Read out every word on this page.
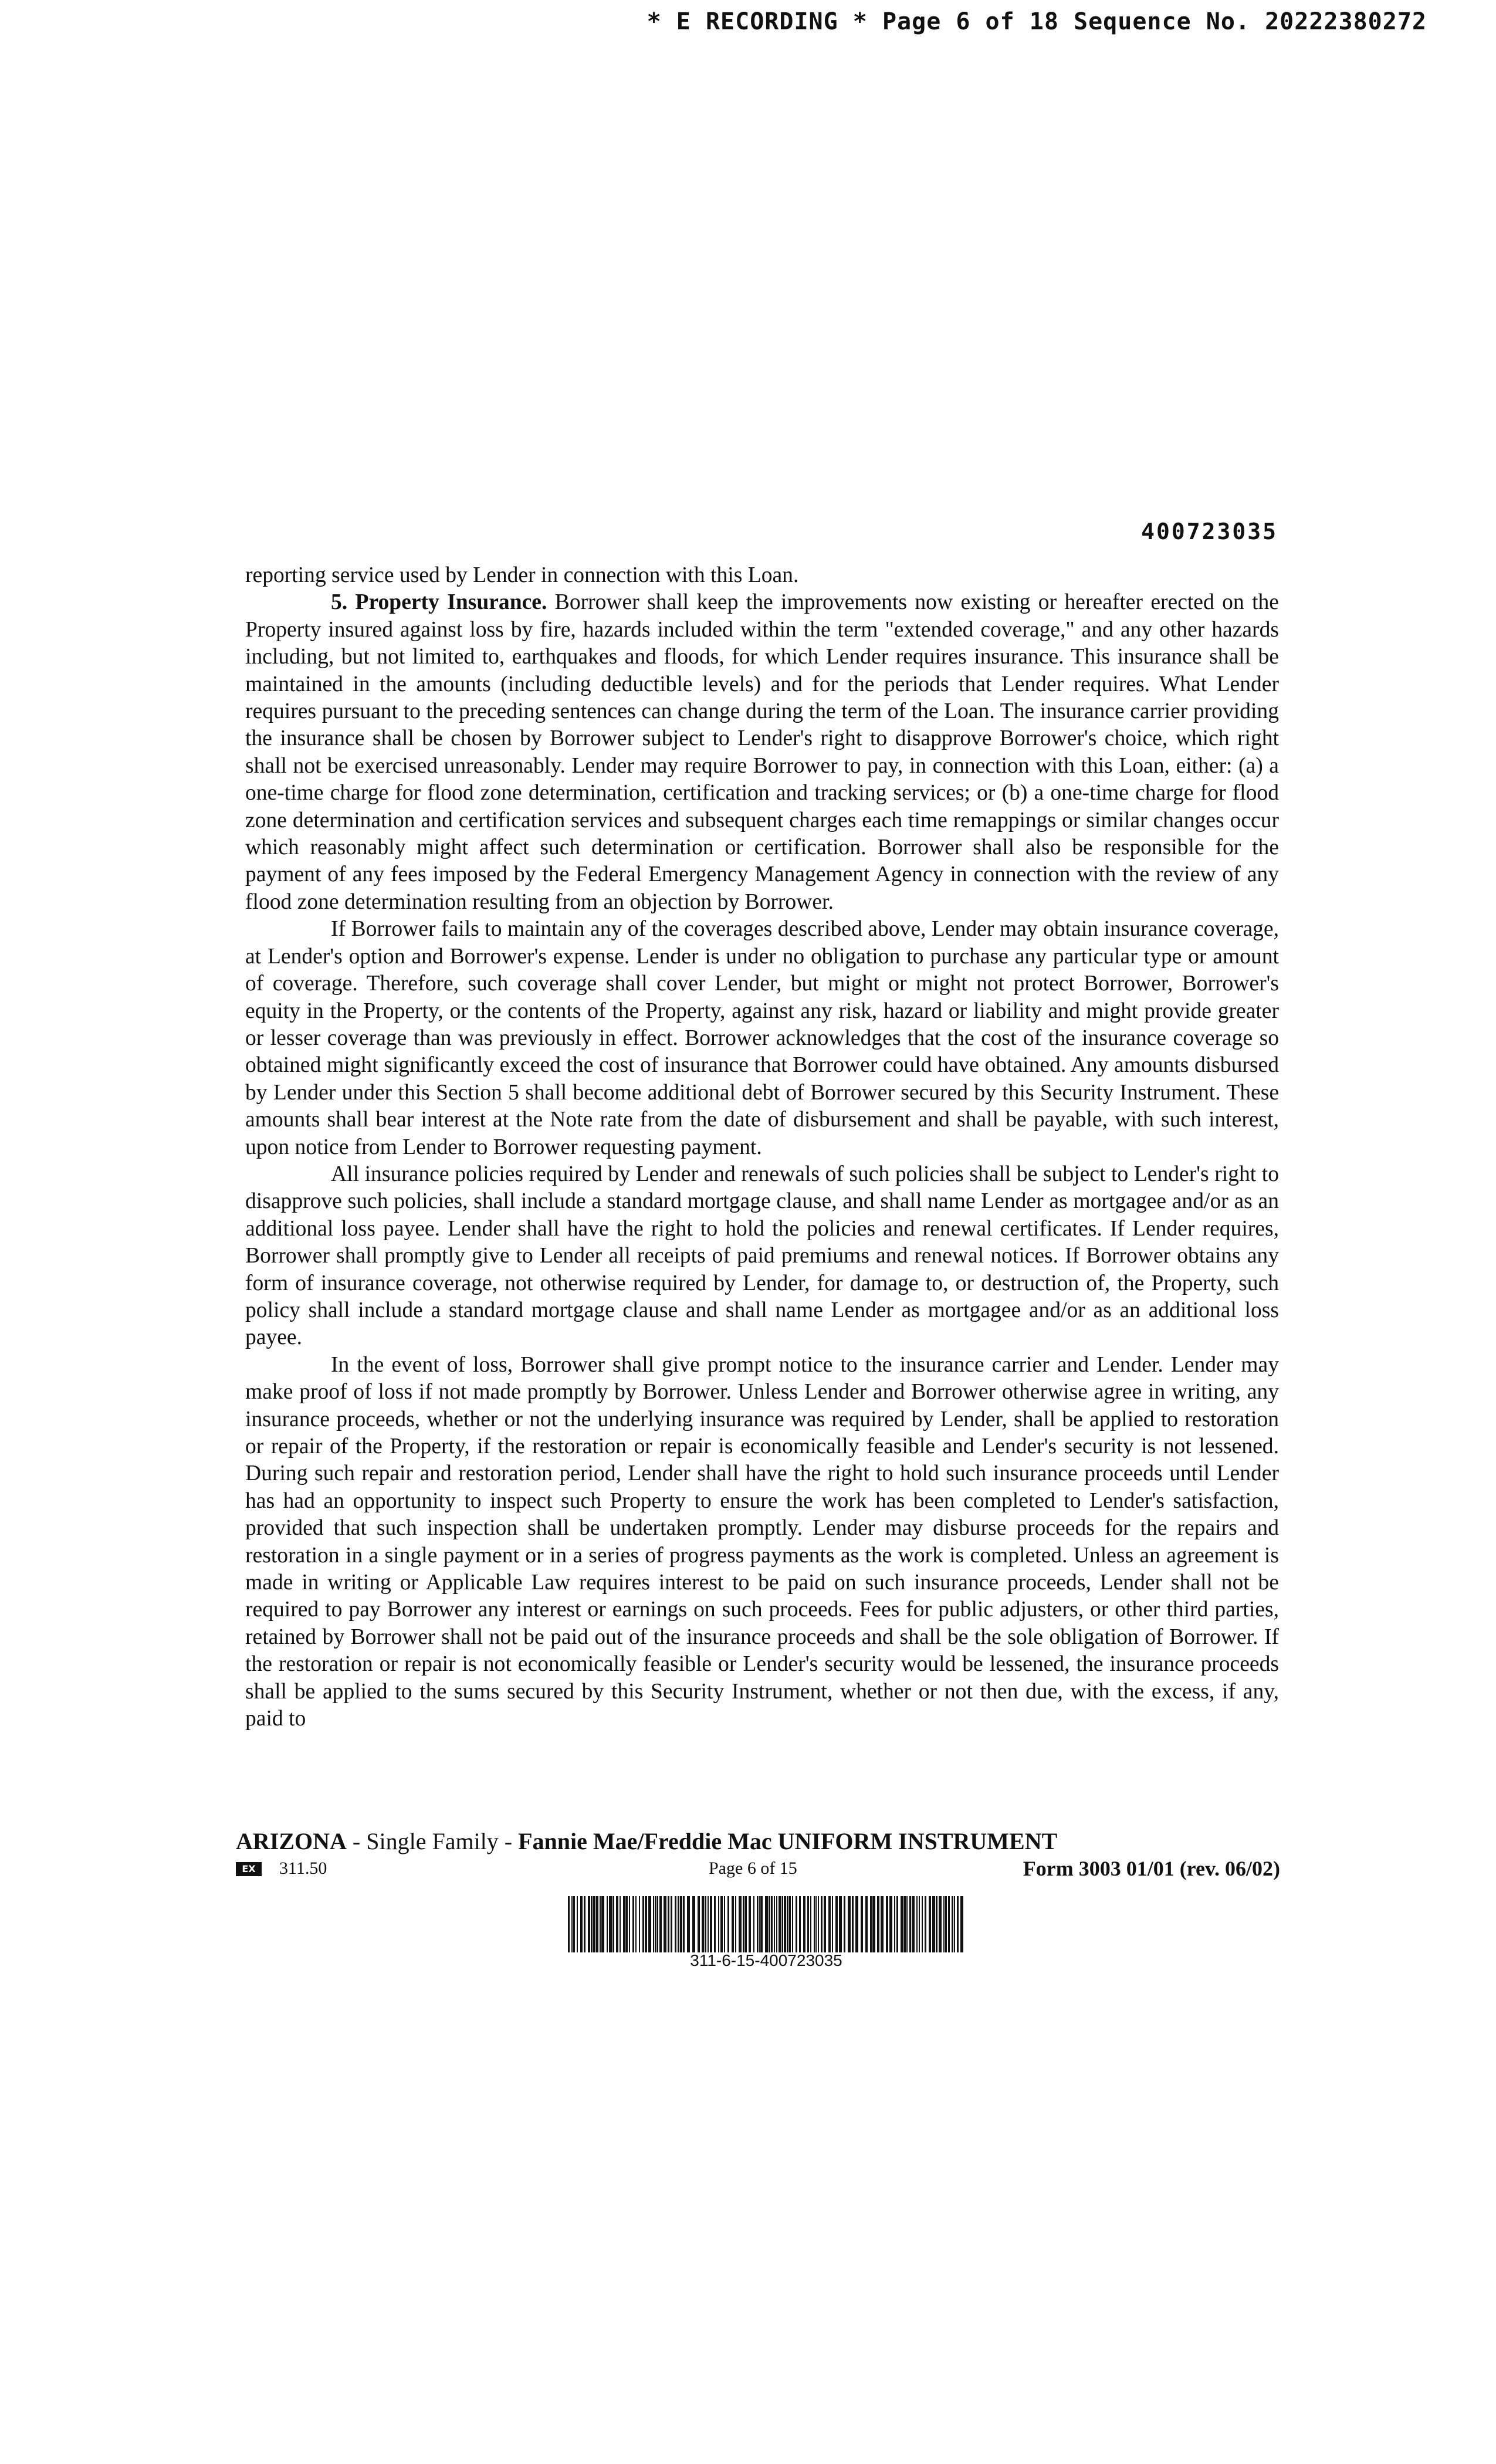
* E RECORDING * Page 6 of 18 Sequence No. 20222380272
400723035

reporting service used by Lender in connection with this Loan.

5. Property Insurance. Borrower shall keep the improvements now existing or hereafter erected on the Property insured against loss by fire, hazards included within the term "extended coverage," and any other hazards including, but not limited to, earthquakes and floods, for which Lender requires insurance. This insurance shall be maintained in the amounts (including deductible levels) and for the periods that Lender requires. What Lender requires pursuant to the preceding sentences can change during the term of the Loan. The insurance carrier providing the insurance shall be chosen by Borrower subject to Lender's right to disapprove Borrower's choice, which right shall not be exercised unreasonably. Lender may require Borrower to pay, in connection with this Loan, either: (a) a one-time charge for flood zone determination, certification and tracking services; or (b) a one-time charge for flood zone determination and certification services and subsequent charges each time remappings or similar changes occur which reasonably might affect such determination or certification. Borrower shall also be responsible for the payment of any fees imposed by the Federal Emergency Management Agency in connection with the review of any flood zone determination resulting from an objection by Borrower.

If Borrower fails to maintain any of the coverages described above, Lender may obtain insurance coverage, at Lender's option and Borrower's expense. Lender is under no obligation to purchase any particular type or amount of coverage. Therefore, such coverage shall cover Lender, but might or might not protect Borrower, Borrower's equity in the Property, or the contents of the Property, against any risk, hazard or liability and might provide greater or lesser coverage than was previously in effect. Borrower acknowledges that the cost of the insurance coverage so obtained might significantly exceed the cost of insurance that Borrower could have obtained. Any amounts disbursed by Lender under this Section 5 shall become additional debt of Borrower secured by this Security Instrument. These amounts shall bear interest at the Note rate from the date of disbursement and shall be payable, with such interest, upon notice from Lender to Borrower requesting payment.

All insurance policies required by Lender and renewals of such policies shall be subject to Lender's right to disapprove such policies, shall include a standard mortgage clause, and shall name Lender as mortgagee and/or as an additional loss payee. Lender shall have the right to hold the policies and renewal certificates. If Lender requires, Borrower shall promptly give to Lender all receipts of paid premiums and renewal notices. If Borrower obtains any form of insurance coverage, not otherwise required by Lender, for damage to, or destruction of, the Property, such policy shall include a standard mortgage clause and shall name Lender as mortgagee and/or as an additional loss payee.

In the event of loss, Borrower shall give prompt notice to the insurance carrier and Lender. Lender may make proof of loss if not made promptly by Borrower. Unless Lender and Borrower otherwise agree in writing, any insurance proceeds, whether or not the underlying insurance was required by Lender, shall be applied to restoration or repair of the Property, if the restoration or repair is economically feasible and Lender's security is not lessened. During such repair and restoration period, Lender shall have the right to hold such insurance proceeds until Lender has had an opportunity to inspect such Property to ensure the work has been completed to Lender's satisfaction, provided that such inspection shall be undertaken promptly. Lender may disburse proceeds for the repairs and restoration in a single payment or in a series of progress payments as the work is completed. Unless an agreement is made in writing or Applicable Law requires interest to be paid on such insurance proceeds, Lender shall not be required to pay Borrower any interest or earnings on such proceeds. Fees for public adjusters, or other third parties, retained by Borrower shall not be paid out of the insurance proceeds and shall be the sole obligation of Borrower. If the restoration or repair is not economically feasible or Lender's security would be lessened, the insurance proceeds shall be applied to the sums secured by this Security Instrument, whether or not then due, with the excess, if any, paid to

ARIZONA - Single Family - Fannie Mae/Freddie Mac UNIFORM INSTRUMENT
EX	311.50	Page 6 of 15	Form 3003 01/01 (rev. 06/02)
311-6-15-400723035
